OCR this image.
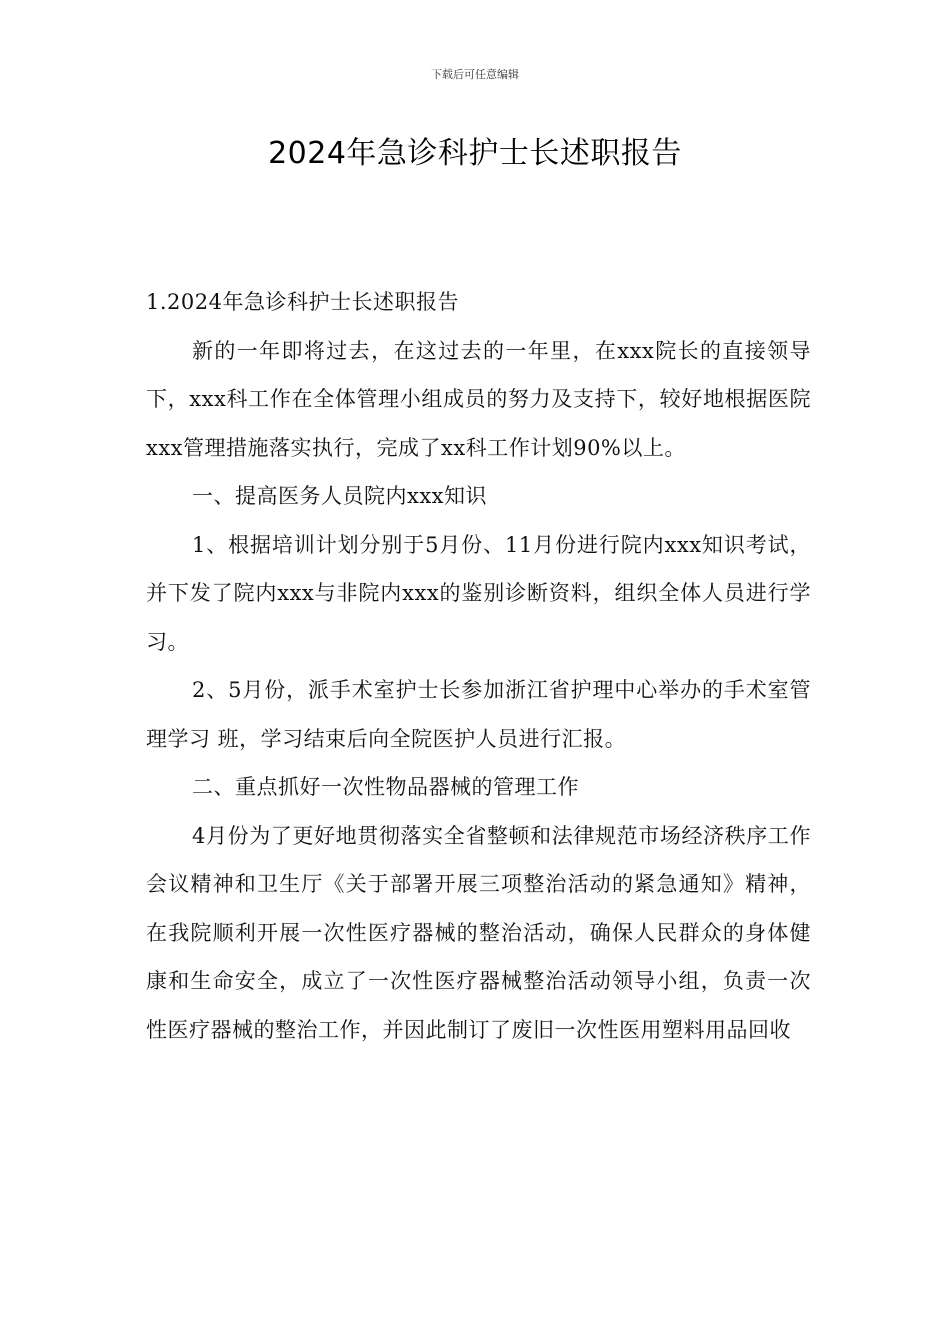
下载后可任意编辑

2024年急诊科护士长述职报告

1.2024年急诊科护士长述职报告

新的一年即将过去，在这过去的一年里，在xxx院长的直接领导下，xxx科工作在全体管理小组成员的努力及支持下，较好地根据医院xxx管理措施落实执行，完成了xx科工作计划90%以上。

一、提高医务人员院内xxx知识

1、根据培训计划分别于5月份、11月份进行院内xxx知识考试，并下发了院内xxx与非院内xxx的鉴别诊断资料，组织全体人员进行学习。

2、5月份，派手术室护士长参加浙江省护理中心举办的手术室管理学习 班，学习结束后向全院医护人员进行汇报。

二、重点抓好一次性物品器械的管理工作

4月份为了更好地贯彻落实全省整顿和法律规范市场经济秩序工作会议精神和卫生厅《关于部署开展三项整治活动的紧急通知》精神，在我院顺利开展一次性医疗器械的整治活动，确保人民群众的身体健康和生命安全，成立了一次性医疗器械整治活动领导小组，负责一次性医疗器械的整治工作，并因此制订了废旧一次性医用塑料用品回收
